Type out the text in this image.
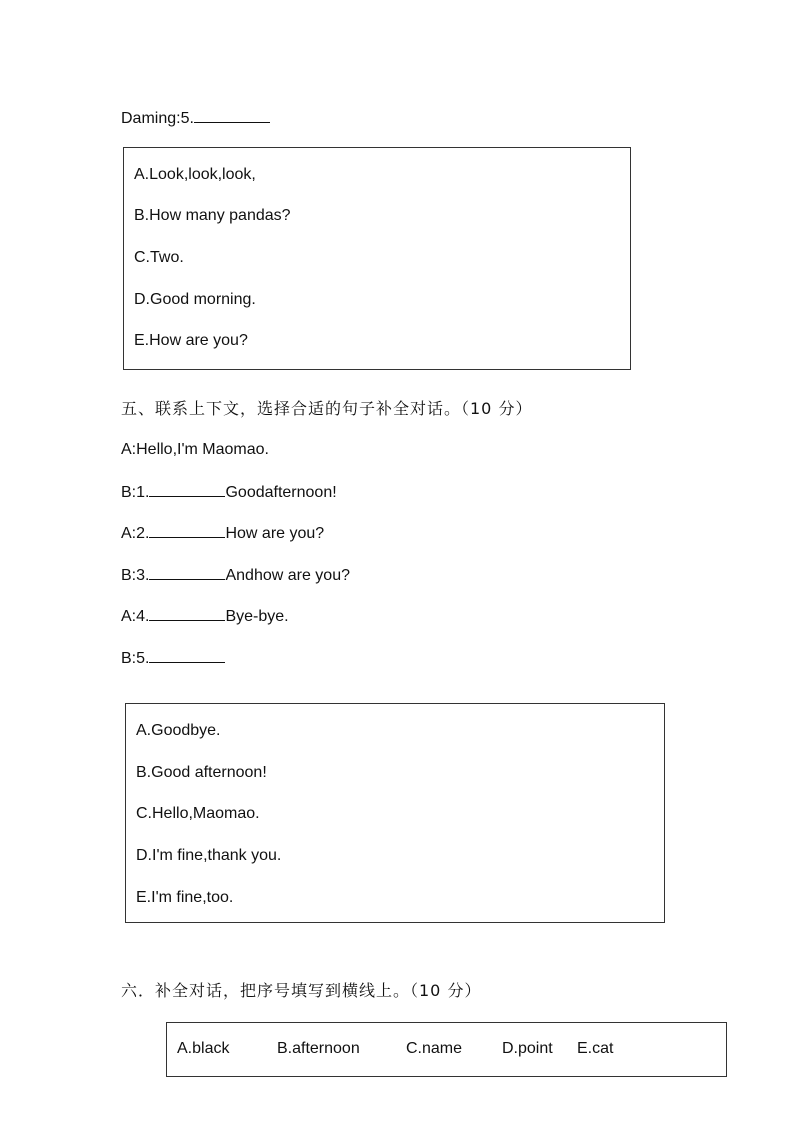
Daming:5.
A.Look,look,look,
B.How many pandas?
C.Two.
D.Good morning.
E.How are you?
五、联系上下文，选择合适的句子补全对话。（10 分）
A:Hello,I'm Maomao.
B:1.	Goodafternoon!
A:2.	How are you?
B:3.	Andhow are you?
A:4.	Bye-bye.
B:5.
A.Goodbye.
B.Good afternoon!
C.Hello,Maomao.
D.I'm fine,thank you.
E.I'm fine,too.
六．补全对话，把序号填写到横线上。（10 分）
A.black	B.afternoon	C.name D.point E.cat
